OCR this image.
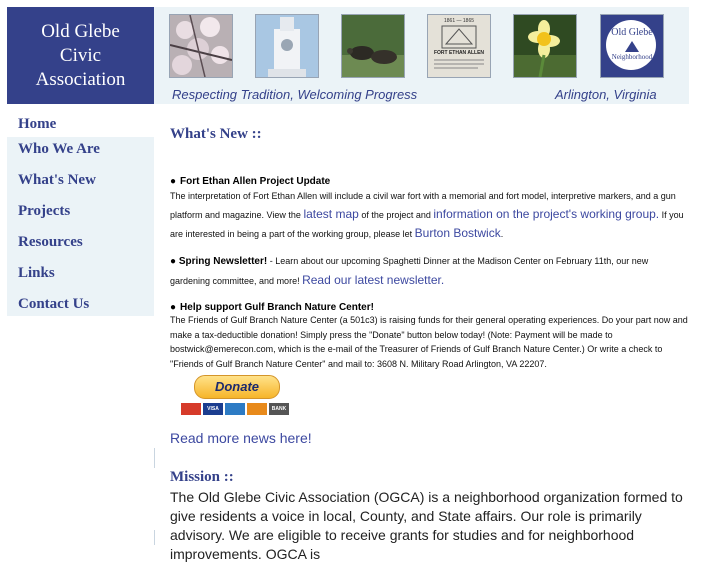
Old Glebe
Civic
Association
1861 — 1865
FORT ETHAN ALLEN
Old Glebe
Neighborhood
Respecting Tradition, Welcoming Progress	Arlington, Virginia
Home
Who We Are
What's New
Projects
Resources
Links
Contact Us
What's New ::
● Fort Ethan Allen Project Update
The interpretation of Fort Ethan Allen will include a civil war fort with a memorial and fort model, interpretive markers, and a gun platform and magazine. View the latest map of the project and information on the project's working group. If you are interested in being a part of the working group, please let Burton Bostwick.
● Spring Newsletter! - Learn about our upcoming Spaghetti Dinner at the Madison Center on February 11th, our new gardening committee, and more! Read our latest newsletter.
● Help support Gulf Branch Nature Center!
The Friends of Gulf Branch Nature Center (a 501c3) is raising funds for their general operating experiences. Do your part now and make a tax-deductible donation! Simply press the "Donate" button below today! (Note: Payment will be made to bostwick@emerecon.com, which is the e-mail of the Treasurer of Friends of Gulf Branch Nature Center.) Or write a check to "Friends of Gulf Branch Nature Center" and mail to: 3608 N. Military Road Arlington, VA 22207.
Donate
VISA	BANK
Read more news here!
Mission ::
The Old Glebe Civic Association (OGCA) is a neighborhood organization formed to give residents a voice in local, County, and State affairs. Our role is primarily advisory. We are eligible to receive grants for studies and for neighborhood improvements. OGCA is
